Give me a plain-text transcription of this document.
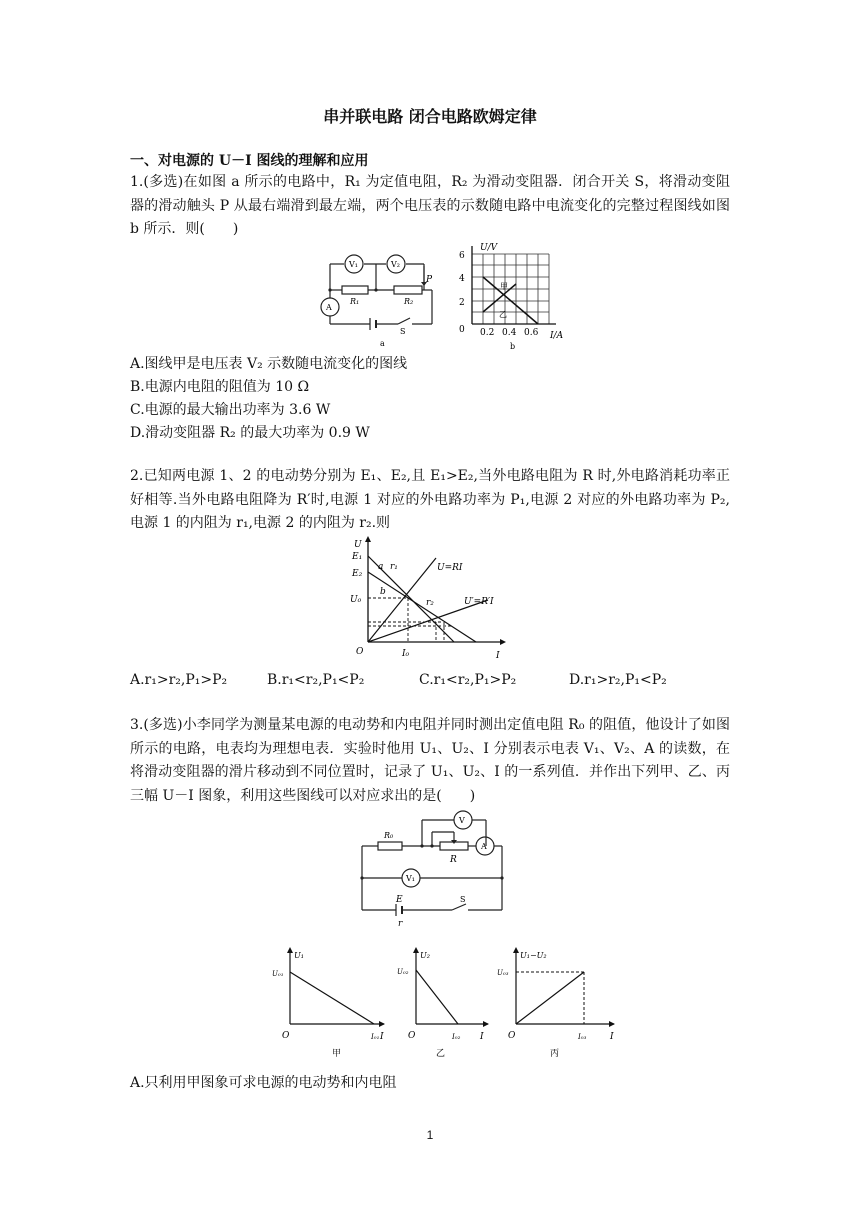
串并联电路 闭合电路欧姆定律
一、对电源的 U－I 图线的理解和应用
1.(多选)在如图 a 所示的电路中，R₁ 为定值电阻，R₂ 为滑动变阻器．闭合开关 S，将滑动变阻器的滑动触头 P 从最右端滑到最左端，两个电压表的示数随电路中电流变化的完整过程图线如图 b 所示．则(　　)
V₁	V₂
A
R₁	R₂
P
S
a
U/V
I/A
6
4
2
0 0.2 0.4 0.6
甲
乙
b
A.图线甲是电压表 V₂ 示数随电流变化的图线
B.电源内电阻的阻值为 10 Ω
C.电源的最大输出功率为 3.6 W
D.滑动变阻器 R₂ 的最大功率为 0.9 W
2.已知两电源 1、2 的电动势分别为 E₁、E₂,且 E₁>E₂,当外电路电阻为 R 时,外电路消耗功率正好相等.当外电路电阻降为 R′时,电源 1 对应的外电路功率为 P₁,电源 2 对应的外电路功率为 P₂,电源 1 的内阻为 r₁,电源 2 的内阻为 r₂.则
U
I
E₁
E₂
U₀
I₀
O
a r₁
b
r₂
U=RI
U′=R′I
A.r₁>r₂,P₁>P₂	B.r₁<r₂,P₁<P₂	C.r₁<r₂,P₁>P₂	D.r₁>r₂,P₁<P₂
3.(多选)小李同学为测量某电源的电动势和内电阻并同时测出定值电阻 R₀ 的阻值，他设计了如图所示的电路，电表均为理想电表．实验时他用 U₁、U₂、I 分别表示电表 V₁、V₂、A 的读数，在将滑动变阻器的滑片移动到不同位置时，记录了 U₁、U₂、I 的一系列值．并作出下列甲、乙、丙三幅 U－I 图象，利用这些图线可以对应求出的是(　　)
R₀
R
V
A
V₁
E
r
S
U₁
U₀₁
I
I₀₁
O
甲
U₂
U₀₂
I
I₀₂
O
乙
U₁−U₂
U₀₃
I
I₀₃
O
丙
A.只利用甲图象可求电源的电动势和内电阻
1
